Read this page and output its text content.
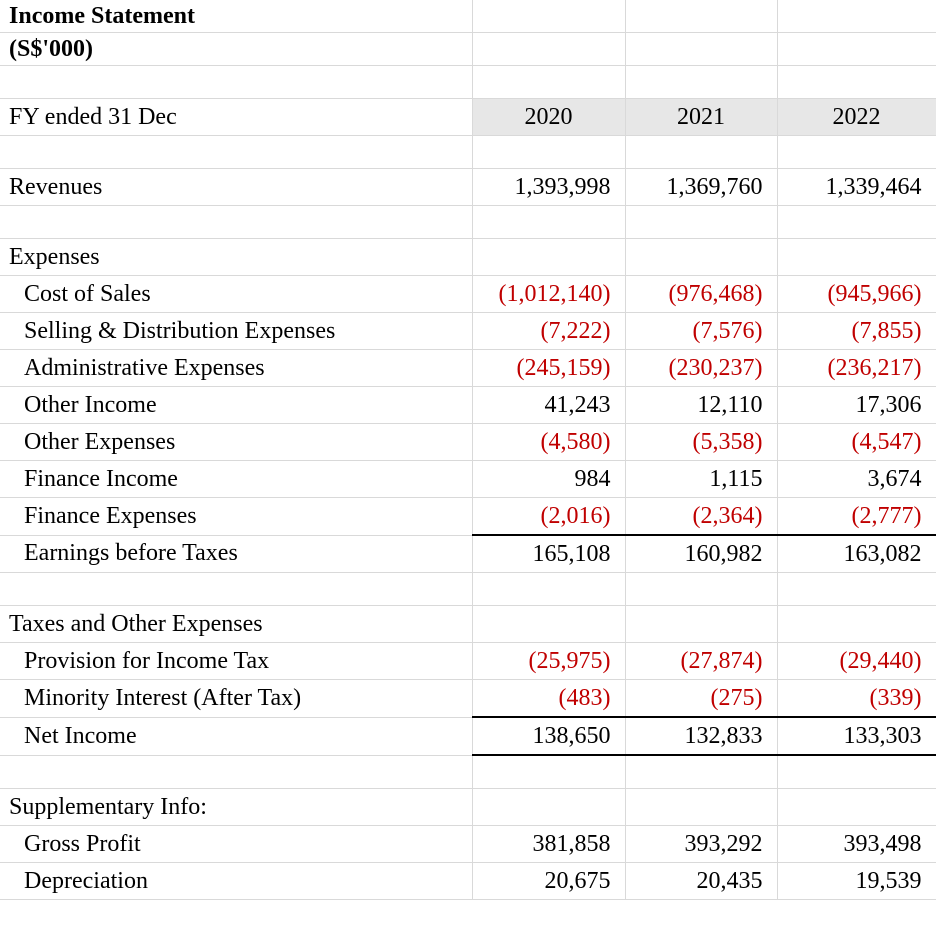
Income Statement			
(S$'000)			

FY ended 31 Dec	2020	2021	2022

Revenues	1,393,998	1,369,760	1,339,464

Expenses			
Cost of Sales	(1,012,140)	(976,468)	(945,966)
Selling & Distribution Expenses	(7,222)	(7,576)	(7,855)
Administrative Expenses	(245,159)	(230,237)	(236,217)
Other Income	41,243	12,110	17,306
Other Expenses	(4,580)	(5,358)	(4,547)
Finance Income	984	1,115	3,674
Finance Expenses	(2,016)	(2,364)	(2,777)
Earnings before Taxes	165,108	160,982	163,082

Taxes and Other Expenses			
Provision for Income Tax	(25,975)	(27,874)	(29,440)
Minority Interest (After Tax)	(483)	(275)	(339)
Net Income	138,650	132,833	133,303

Supplementary Info:			
Gross Profit	381,858	393,292	393,498
Depreciation	20,675	20,435	19,539
